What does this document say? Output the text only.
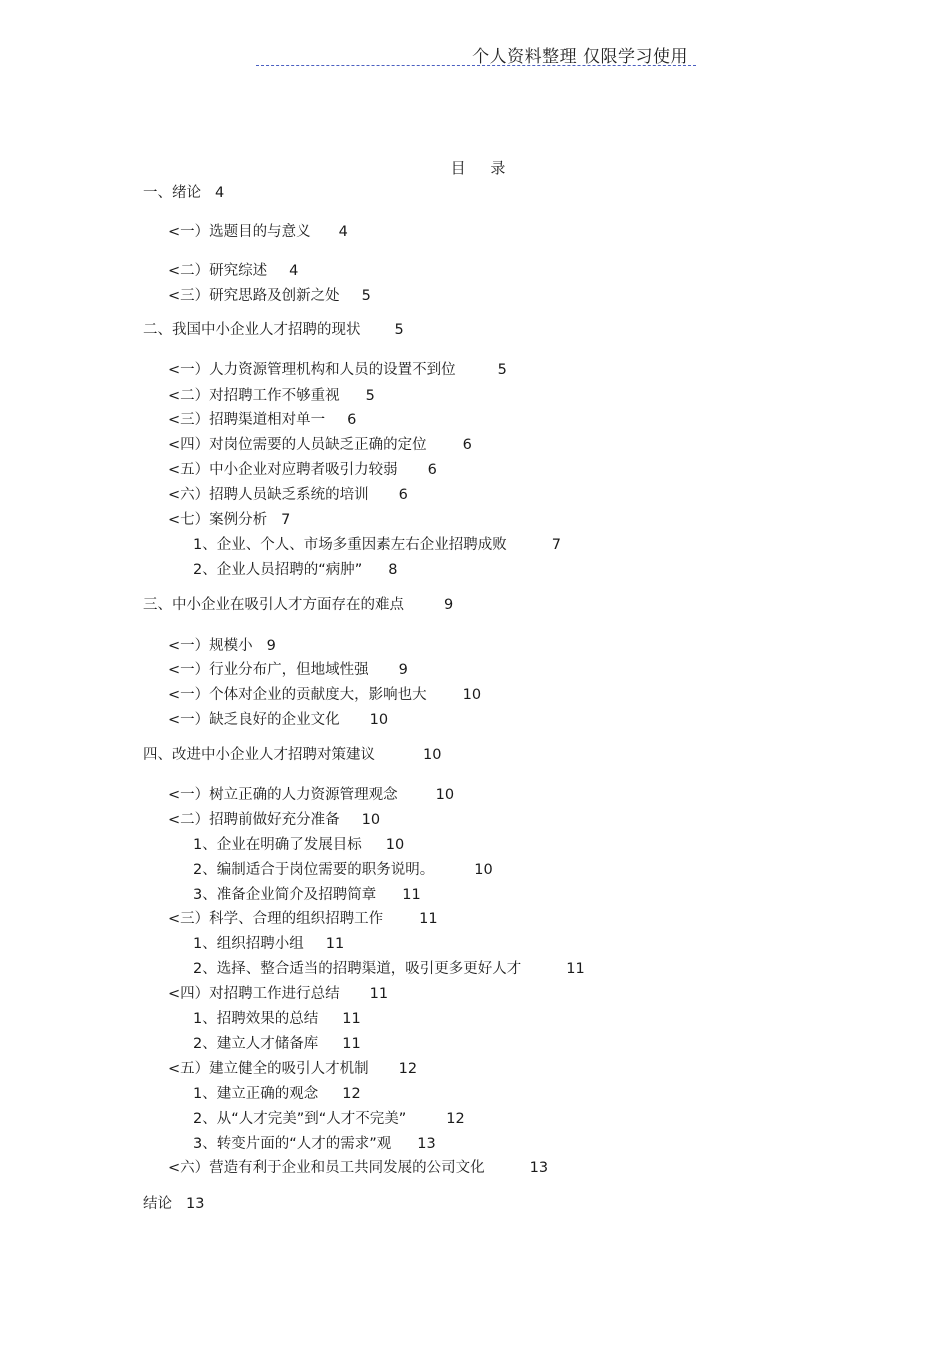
个人资料整理 仅限学习使用
目 录
一、绪论 4
<一）选题目的与意义 4
<二）研究综述 4
<三）研究思路及创新之处 5
二、我国中小企业人才招聘的现状 5
<一）人力资源管理机构和人员的设置不到位	5
<二）对招聘工作不够重视 5
<三）招聘渠道相对单一 6
<四）对岗位需要的人员缺乏正确的定位 6
<五）中小企业对应聘者吸引力较弱 6
<六）招聘人员缺乏系统的培训 6
<七）案例分析 7
1、企业、个人、市场多重因素左右企业招聘成败	7
2、企业人员招聘的“病肿” 8
三、中小企业在吸引人才方面存在的难点	9
<一）规模小 9
<一）行业分布广，但地域性强 9
<一）个体对企业的贡献度大，影响也大 10
<一）缺乏良好的企业文化 10
四、改进中小企业人才招聘对策建议	10
<一）树立正确的人力资源管理观念	10
<二）招聘前做好充分准备 10
1、企业在明确了发展目标 10
2、编制适合于岗位需要的职务说明。	10
3、准备企业简介及招聘简章 11
<三）科学、合理的组织招聘工作 11
1、组织招聘小组 11
2、选择、整合适当的招聘渠道，吸引更多更好人才	11
<四）对招聘工作进行总结 11
1、招聘效果的总结 11
2、建立人才储备库 11
<五）建立健全的吸引人才机制 12
1、建立正确的观念 12
2、从“人才完美”到“人才不完美”	12
3、转变片面的“人才的需求”观 13
<六）营造有利于企业和员工共同发展的公司文化	13
结论 13
